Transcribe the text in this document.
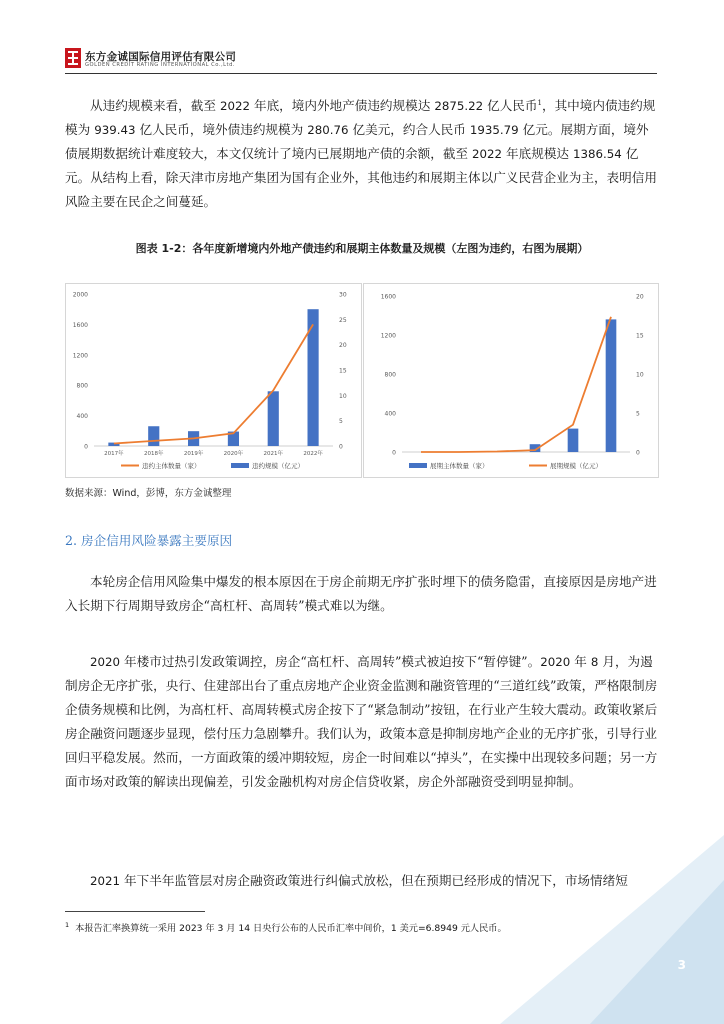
东方金诚国际信用评估有限公司
GOLDEN CREDIT RATING INTERNATIONAL Co.,Ltd.

从违约规模来看，截至 2022 年底，境内外地产债违约规模达 2875.22 亿人民币$^1$，其中境内债违约规模为 939.43 亿人民币，境外债违约规模为 280.76 亿美元，约合人民币 1935.79 亿元。展期方面，境外债展期数据统计难度较大，本文仅统计了境内已展期地产债的余额，截至 2022 年底规模达 1386.54 亿元。从结构上看，除天津市房地产集团为国有企业外，其他违约和展期主体以广义民营企业为主，表明信用风险主要在民企之间蔓延。

图表 1-2：各年度新增境内外地产债违约和展期主体数量及规模（左图为违约，右图为展期）
0
400
800
1200
1600
2000
0
5
10
15
20
25
30
2017年	2018年	2019年	2020年	2021年	2022年
违约主体数量（家）	违约规模（亿元）
0
400
800
1200
1600
0
5
10
15
20
展期主体数量（家）	展期规模（亿元）
数据来源：Wind，彭博，东方金诚整理
2. 房企信用风险暴露主要原因

本轮房企信用风险集中爆发的根本原因在于房企前期无序扩张时埋下的债务隐雷，直接原因是房地产进入长期下行周期导致房企“高杠杆、高周转”模式难以为继。

2020 年楼市过热引发政策调控，房企“高杠杆、高周转”模式被迫按下“暂停键”。2020 年 8 月，为遏制房企无序扩张，央行、住建部出台了重点房地产企业资金监测和融资管理的“三道红线”政策，严格限制房企债务规模和比例，为高杠杆、高周转模式房企按下了“紧急制动”按钮，在行业产生较大震动。政策收紧后房企融资问题逐步显现，偿付压力急剧攀升。我们认为，政策本意是抑制房地产企业的无序扩张，引导行业回归平稳发展。然而，一方面政策的缓冲期较短，房企一时间难以“掉头”，在实操中出现较多问题；另一方面市场对政策的解读出现偏差，引发金融机构对房企信贷收紧，房企外部融资受到明显抑制。

2021 年下半年监管层对房企融资政策进行纠偏式放松，但在预期已经形成的情况下，市场情绪短

$^1$ 本报告汇率换算统一采用 2023 年 3 月 14 日央行公布的人民币汇率中间价，1 美元=6.8949 元人民币。
3
